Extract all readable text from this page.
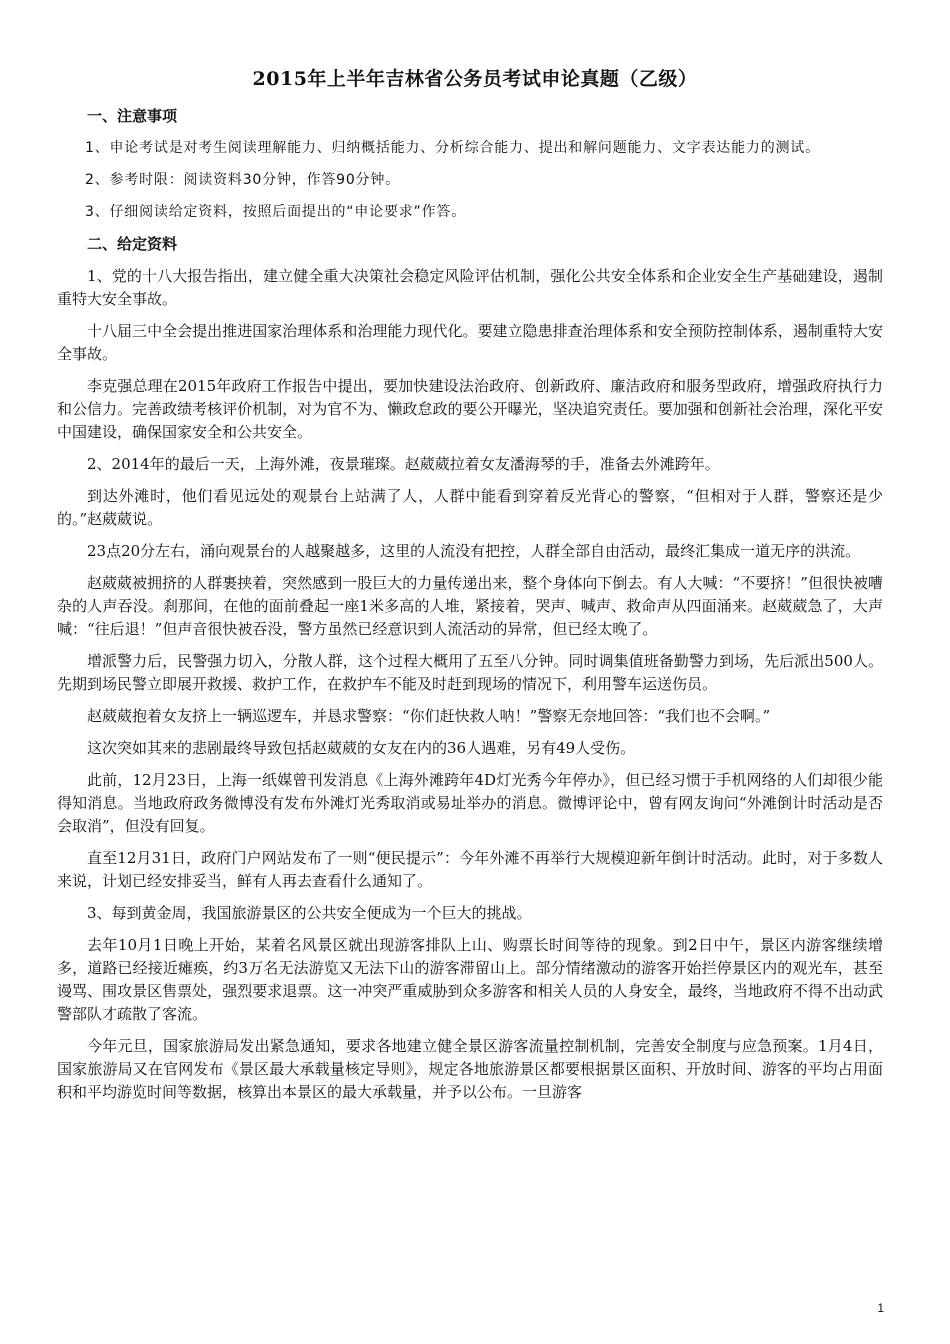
2015年上半年吉林省公务员考试申论真题（乙级）
一、注意事项
1、申论考试是对考生阅读理解能力、归纳概括能力、分析综合能力、提出和解问题能力、文字表达能力的测试。
2、参考时限：阅读资料30分钟，作答90分钟。
3、仔细阅读给定资料，按照后面提出的“申论要求”作答。
二、给定资料
1、党的十八大报告指出，建立健全重大决策社会稳定风险评估机制，强化公共安全体系和企业安全生产基础建设，遏制重特大安全事故。
十八届三中全会提出推进国家治理体系和治理能力现代化。要建立隐患排查治理体系和安全预防控制体系，遏制重特大安全事故。
李克强总理在2015年政府工作报告中提出，要加快建设法治政府、创新政府、廉洁政府和服务型政府，增强政府执行力和公信力。完善政绩考核评价机制，对为官不为、懒政怠政的要公开曝光，坚决追究责任。要加强和创新社会治理，深化平安中国建设，确保国家安全和公共安全。
2、2014年的最后一天，上海外滩，夜景璀璨。赵葳葳拉着女友潘海琴的手，准备去外滩跨年。
到达外滩时，他们看见远处的观景台上站满了人，人群中能看到穿着反光背心的警察，“但相对于人群，警察还是少的。”赵葳葳说。
23点20分左右，涌向观景台的人越聚越多，这里的人流没有把控，人群全部自由活动，最终汇集成一道无序的洪流。
赵葳葳被拥挤的人群裹挟着，突然感到一股巨大的力量传递出来，整个身体向下倒去。有人大喊：“不要挤！”但很快被嘈杂的人声吞没。刹那间，在他的面前叠起一座1米多高的人堆，紧接着，哭声、喊声、救命声从四面涌来。赵葳葳急了，大声喊：“往后退！”但声音很快被吞没，警方虽然已经意识到人流活动的异常，但已经太晚了。
增派警力后，民警强力切入，分散人群，这个过程大概用了五至八分钟。同时调集值班备勤警力到场，先后派出500人。先期到场民警立即展开救援、救护工作，在救护车不能及时赶到现场的情况下，利用警车运送伤员。
赵葳葳抱着女友挤上一辆巡逻车，并恳求警察：“你们赶快救人呐！”警察无奈地回答：“我们也不会啊。”
这次突如其来的悲剧最终导致包括赵葳葳的女友在内的36人遇难，另有49人受伤。
此前，12月23日，上海一纸媒曾刊发消息《上海外滩跨年4D灯光秀今年停办》，但已经习惯于手机网络的人们却很少能得知消息。当地政府政务微博没有发布外滩灯光秀取消或易址举办的消息。微博评论中，曾有网友询问“外滩倒计时活动是否会取消”，但没有回复。
直至12月31日，政府门户网站发布了一则“便民提示”：今年外滩不再举行大规模迎新年倒计时活动。此时，对于多数人来说，计划已经安排妥当，鲜有人再去查看什么通知了。
3、每到黄金周，我国旅游景区的公共安全便成为一个巨大的挑战。
去年10月1日晚上开始，某着名风景区就出现游客排队上山、购票长时间等待的现象。到2日中午，景区内游客继续增多，道路已经接近瘫痪，约3万名无法游览又无法下山的游客滞留山上。部分情绪激动的游客开始拦停景区内的观光车，甚至谩骂、围攻景区售票处，强烈要求退票。这一冲突严重威胁到众多游客和相关人员的人身安全，最终，当地政府不得不出动武警部队才疏散了客流。
今年元旦，国家旅游局发出紧急通知，要求各地建立健全景区游客流量控制机制，完善安全制度与应急预案。1月4日，国家旅游局又在官网发布《景区最大承载量核定导则》，规定各地旅游景区都要根据景区面积、开放时间、游客的平均占用面积和平均游览时间等数据，核算出本景区的最大承载量，并予以公布。一旦游客
1
